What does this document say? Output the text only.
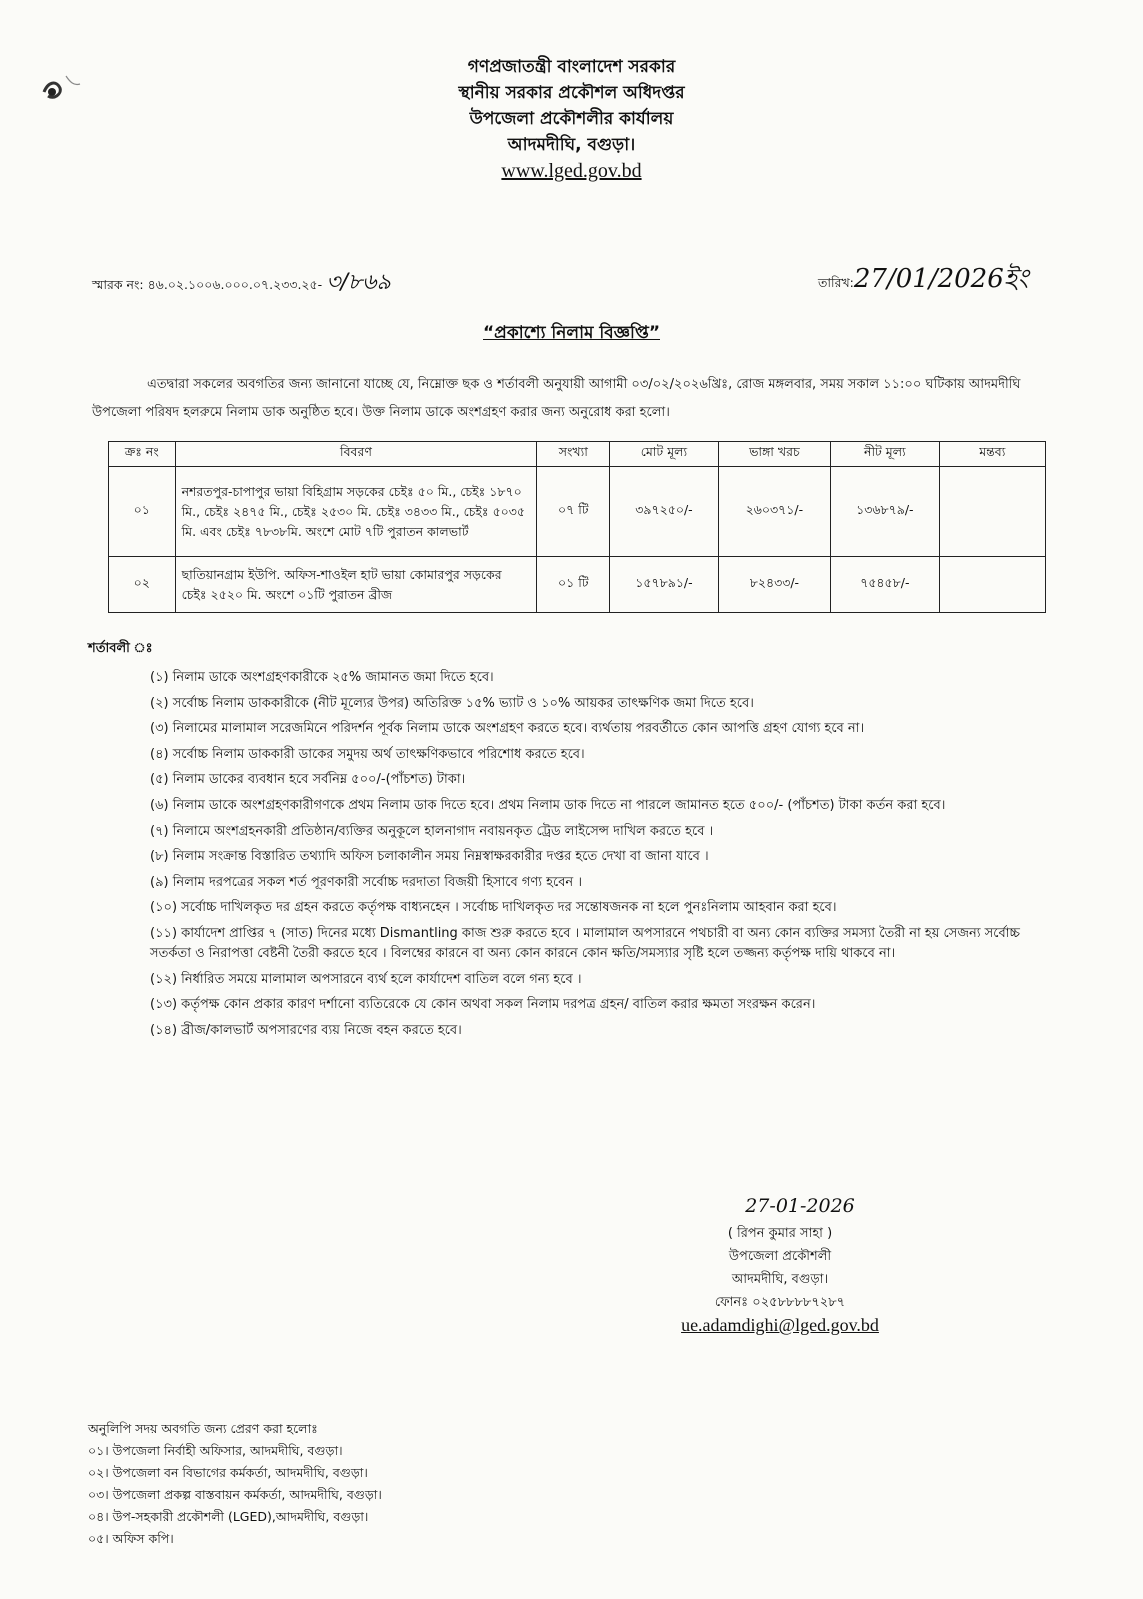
গণপ্রজাতন্ত্রী বাংলাদেশ সরকার
স্থানীয় সরকার প্রকৌশল অধিদপ্তর
উপজেলা প্রকৌশলীর কার্যালয়
আদমদীঘি, বগুড়া।
www.lged.gov.bd
স্মারক নং: ৪৬.০২.১০০৬.০০০.০৭.২৩৩.২৫- ৩/৮৬৯	তারিখ:27/01/2026ইং
“প্রকাশ্যে নিলাম বিজ্ঞপ্তি”
এতদ্বারা সকলের অবগতির জন্য জানানো যাচ্ছে যে, নিম্নোক্ত ছক ও শর্তাবলী অনুযায়ী আগামী ০৩/০২/২০২৬খ্রিঃ, রোজ মঙ্গলবার, সময় সকাল ১১:০০ ঘটিকায় আদমদীঘি উপজেলা পরিষদ হলরুমে নিলাম ডাক অনুষ্ঠিত হবে। উক্ত নিলাম ডাকে অংশগ্রহণ করার জন্য অনুরোধ করা হলো।
ক্রঃ নং	বিবরণ	সংখ্যা	মোট মূল্য	ভাঙ্গা খরচ	নীট মূল্য	মন্তব্য
০১	নশরতপুর-চাপাপুর ভায়া বিহিগ্রাম সড়কের চেইঃ ৫০ মি., চেইঃ ১৮৭০ মি., চেইঃ ২৪৭৫ মি., চেইঃ ২৫৩০ মি. চেইঃ ৩৪৩৩ মি., চেইঃ ৫০৩৫ মি. এবং চেইঃ ৭৮৩৮মি. অংশে মোট ৭টি পুরাতন কালভার্ট	০৭ টি	৩৯৭২৫০/-	২৬০৩৭১/-	১৩৬৮৭৯/-	
০২	ছাতিয়ানগ্রাম ইউপি. অফিস-শাওইল হাট ভায়া কোমারপুর সড়কের চেইঃ ২৫২০ মি. অংশে ০১টি পুরাতন ব্রীজ	০১ টি	১৫৭৮৯১/-	৮২৪৩৩/-	৭৫৪৫৮/-	
শর্তাবলী ঃ
(১) নিলাম ডাকে অংশগ্রহণকারীকে ২৫% জামানত জমা দিতে হবে।
(২) সর্বোচ্চ নিলাম ডাককারীকে (নীট মূল্যের উপর) অতিরিক্ত ১৫% ভ্যাট ও ১০% আয়কর তাৎক্ষণিক জমা দিতে হবে।
(৩) নিলামের মালামাল সরেজমিনে পরিদর্শন পূর্বক নিলাম ডাকে অংশগ্রহণ করতে হবে। ব্যর্থতায় পরবর্তীতে কোন আপত্তি গ্রহণ যোগ্য হবে না।
(৪) সর্বোচ্চ নিলাম ডাককারী ডাকের সমুদয় অর্থ তাৎক্ষণিকভাবে পরিশোধ করতে হবে।
(৫) নিলাম ডাকের ব্যবধান হবে সর্বনিম্ন ৫০০/-(পাঁচশত) টাকা।
(৬) নিলাম ডাকে অংশগ্রহণকারীগণকে প্রথম নিলাম ডাক দিতে হবে। প্রথম নিলাম ডাক দিতে না পারলে জামানত হতে ৫০০/- (পাঁচশত) টাকা কর্তন করা হবে।
(৭) নিলামে অংশগ্রহনকারী প্রতিষ্ঠান/ব্যক্তির অনুকূলে হালনাগাদ নবায়নকৃত ট্রেড লাইসেন্স দাখিল করতে হবে ।
(৮) নিলাম সংক্রান্ত বিস্তারিত তথ্যাদি অফিস চলাকালীন সময় নিম্নস্বাক্ষরকারীর দপ্তর হতে দেখা বা জানা যাবে ।
(৯) নিলাম দরপত্রের সকল শর্ত পূরণকারী সর্বোচ্চ দরদাতা বিজয়ী হিসাবে গণ্য হবেন ।
(১০) সর্বোচ্চ দাখিলকৃত দর গ্রহন করতে কর্তৃপক্ষ বাধ্যনহেন । সর্বোচ্চ দাখিলকৃত দর সন্তোষজনক না হলে পুনঃনিলাম আহবান করা হবে।
(১১) কার্যাদেশ প্রাপ্তির ৭ (সাত) দিনের মধ্যে Dismantling কাজ শুরু করতে হবে । মালামাল অপসারনে পথচারী বা অন্য কোন ব্যক্তির সমস্যা তৈরী না হয় সেজন্য সর্বোচ্চ সতর্কতা ও নিরাপত্তা বেষ্টনী তৈরী করতে হবে । বিলম্বের কারনে বা অন্য কোন কারনে কোন ক্ষতি/সমস্যার সৃষ্টি হলে তজ্জন্য কর্তৃপক্ষ দায়ি থাকবে না।
(১২) নির্ধারিত সময়ে মালামাল অপসারনে ব্যর্থ হলে কার্যাদেশ বাতিল বলে গন্য হবে ।
(১৩) কর্তৃপক্ষ কোন প্রকার কারণ দর্শানো ব্যতিরেকে যে কোন অথবা সকল নিলাম দরপত্র গ্রহন/ বাতিল করার ক্ষমতা সংরক্ষন করেন।
(১৪) ব্রীজ/কালভার্ট অপসারণের ব্যয় নিজে বহন করতে হবে।
27-01-2026
( রিপন কুমার সাহা )
উপজেলা প্রকৌশলী
আদমদীঘি, বগুড়া।
ফোনঃ ০২৫৮৮৮৮৭২৮৭
ue.adamdighi@lged.gov.bd
অনুলিপি সদয় অবগতি জন্য প্রেরণ করা হলোঃ
০১। উপজেলা নির্বাহী অফিসার, আদমদীঘি, বগুড়া।
০২। উপজেলা বন বিভাগের কর্মকর্তা, আদমদীঘি, বগুড়া।
০৩। উপজেলা প্রকল্প বাস্তবায়ন কর্মকর্তা, আদমদীঘি, বগুড়া।
০৪। উপ-সহকারী প্রকৌশলী (LGED),আদমদীঘি, বগুড়া।
০৫। অফিস কপি।
